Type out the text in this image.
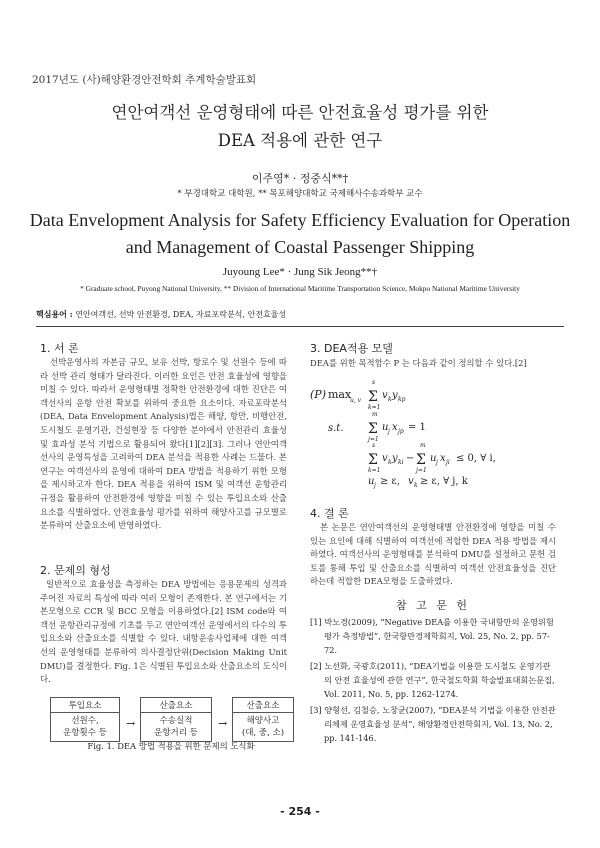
2017년도 (사)해양환경안전학회 추계학술발표회
연안여객선 운영형태에 따른 안전효율성 평가를 위한
DEA 적용에 관한 연구
이주영* · 정중식**†
* 부경대학교 대학원, ** 목포해양대학교 국제해사수송과학부 교수
Data Envelopment Analysis for Safety Efficiency Evaluation for Operation
and Management of Coastal Passenger Shipping
Juyoung Lee* · Jung Sik Jeong**†
* Graduate school, Puyong National University, ** Division of International Maritime Transportation Science, Mokpo National Maritime University
핵심용어 : 연안여객선, 선박 안전환경, DEA, 자료포락분석, 안전효율성
1. 서 론
선박운영사의 자본금 규모, 보유 선박, 항로수 및 선원수 등에 따라 선박 관리 형태가 달라진다. 이러한 요인은 안전 효율성에 영향을 미칠 수 있다. 따라서 운영형태별 정확한 안전환경에 대한 진단은 여객선사의 운항 안전 확보를 위하여 중요한 요소이다. 자료포락분석(DEA, Data Envelopment Analysis)법은 해양, 항만, 비행안전, 도시철도 운영기관, 건설현장 등 다양한 분야에서 안전관리 효율성 및 효과성 분석 기법으로 활용되어 왔다[1][2][3]. 그러나 연안여객선사의 운영특성을 고려하여 DEA 분석을 적용한 사례는 드물다. 본 연구는 여객선사의 운영에 대하여 DEA 방법을 적용하기 위한 모형을 제시하고자 한다. DEA 적용을 위하여 ISM 및 여객선 운항관리규정을 활용하여 안전환경에 영향을 미칠 수 있는 투입요소와 산출요소를 식별하였다. 안전효율성 평가를 위하여 해양사고를 규모별로 분류하여 산출요소에 반영하였다.
2. 문제의 형성
일반적으로 효율성을 측정하는 DEA 방법에는 응용문제의 성격과 주어진 자료의 특성에 따라 여러 모형이 존재한다. 본 연구에서는 기본모형으로 CCR 및 BCC 모형을 이용하였다.[2] ISM code와 여객선 운항관리규정에 기초를 두고 연안여객선 운영에서의 다수의 투입요소와 산출요소를 식별할 수 있다. 내항운송사업체에 대한 여객선의 운영형태를 분류하여 의사결정단위(Decision Making Unit DMU)를 결정한다. Fig. 1은 식별된 투입요소와 산출요소의 도식이다.
투입요소
선원수,
운항횟수 등
→
산출요소
수송실적
운항거리 등
→
산출요소
해양사고
(대, 중, 소)
Fig. 1. DEA 방법 적용을 위한 문제의 도식화
3. DEA적용 모델
DEA를 위한 목적함수 P 는 다음과 같이 정의할 수 있다.[2]
(P) max
u, v
s
Σ
k=1
v k y kp
s.t.
m
Σ
j=1
u j x jp = 1
s
Σ
k=1
v k y ki −
m
Σ
j=1
u j x ji ≤ 0, ∀ i,
u j ≥ ε, v k ≥ ε, ∀ j, k
4. 결 론
본 논문은 연안여객선의 운영형태별 안전환경에 영향을 미칠 수 있는 요인에 대해 식별하여 여객선에 적합한 DEA 적용 방법을 제시하였다. 여객선사의 운영형태를 분석하여 DMU를 설정하고 문헌 검토를 통해 투입 및 산출요소를 식별하여 여객선 안전효율성을 진단하는데 적합한 DEA모형을 도출하였다.
참 고 문 헌
[1] 박노경(2009), “Negative DEA를 이용한 국내항만의 운영위험평가 측정방법”, 한국항만경제학회지, Vol. 25, No. 2, pp. 57-72.
[2] 노선화, 국광호(2011), “DEA기법을 이용한 도시철도 운영기관의 안전 효율성에 관한 연구”, 한국철도학회 학술발표대회논문집, Vol. 2011, No. 5, pp. 1262-1274.
[3] 양형선, 김철승, 노창균(2007), “DEA분석 기법을 이용한 안전관리체제 운영효율성 분석”, 해양환경안전학회지, Vol. 13, No. 2, pp. 141-146.
- 254 -
